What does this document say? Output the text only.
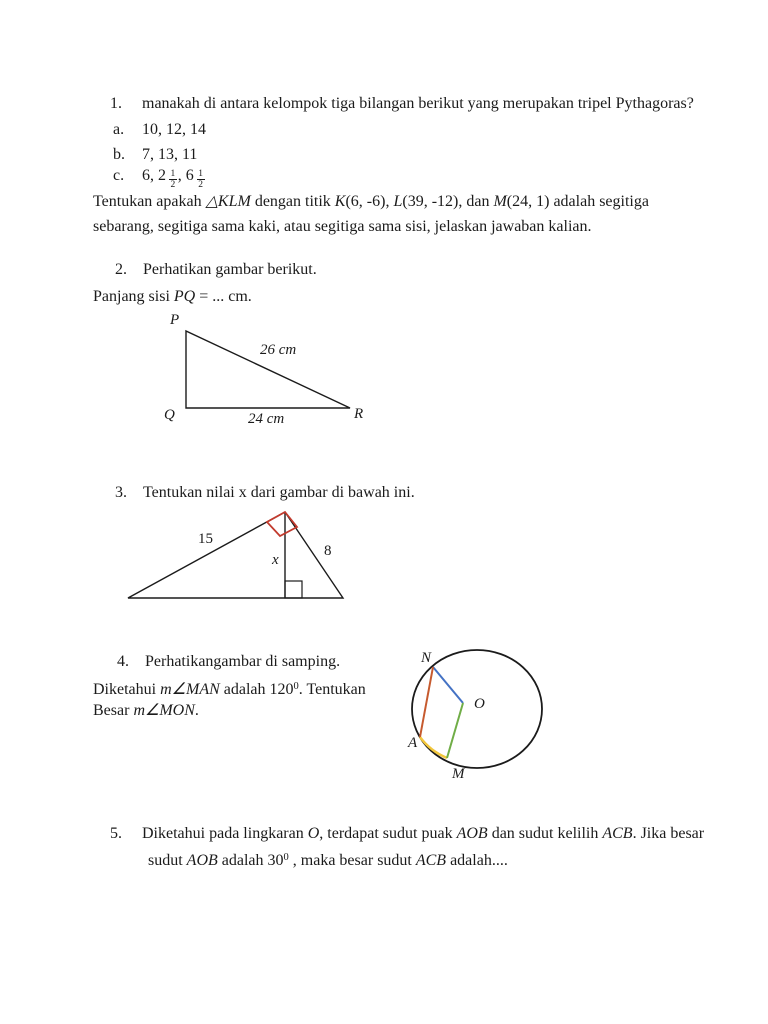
1. manakah di antara kelompok tiga bilangan berikut yang merupakan tripel Pythagoras?
a. 10, 12, 14
b. 7, 13, 11
c. 6, $2 \frac{1}{2}$ , $6 \frac{1}{2}$
Tentukan apakah △KLM dengan titik K(6, -6), L(39, -12), dan M(24, 1) adalah segitiga
sebarang, segitiga sama kaki, atau segitiga sama sisi, jelaskan jawaban kalian.
2. Perhatikan gambar berikut.
Panjang sisi PQ = ... cm.
P
Q	R
26 cm
24 cm
3. Tentukan nilai x dari gambar di bawah ini.
15
x
8
4. Perhatikangambar di samping.
Diketahui m∠MAN adalah $120^0$. Tentukan
Besar m∠MON.
N
O
A
M
5. Diketahui pada lingkaran O, terdapat sudut puak AOB dan sudut kelilih ACB. Jika besar
sudut AOB adalah $30^0$ , maka besar sudut ACB adalah....
